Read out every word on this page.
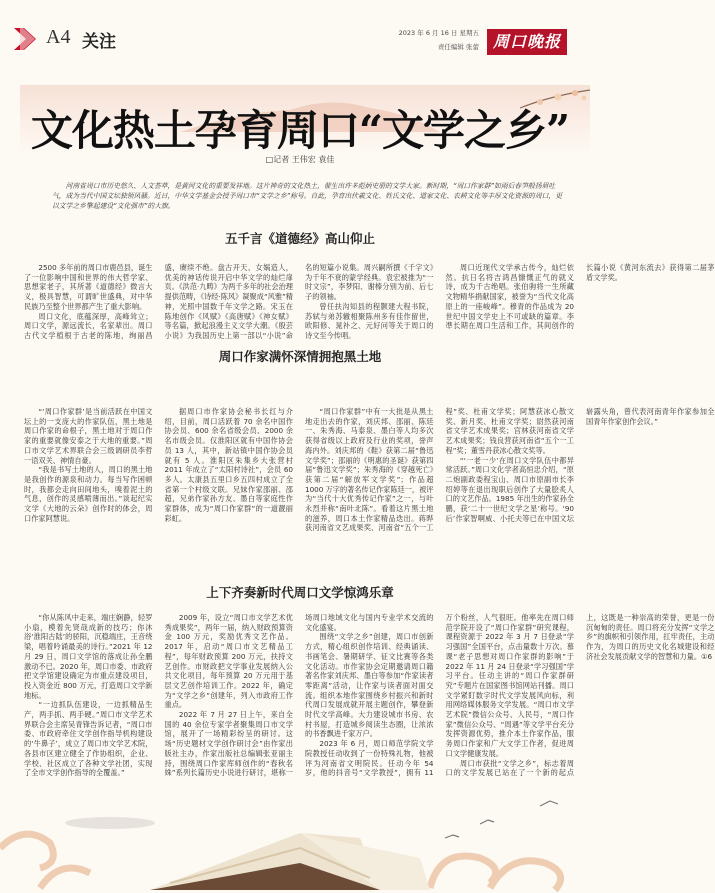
A4 关注	2023 年 6 月 16 日 星期五
责任编辑 张蕾 周口晚报
文化热土孕育周口“文学之乡”
□记者 王伟宏 袁佳
河南省周口市历史悠久、人文荟萃，是黄河文化的重要发祥地。这片神奇的文化热土，催生出许多彪炳史册的文学大家。新时期，“周口作家群”如雨后春笋般扬眉吐气，成为当代中国文坛独领风骚。近日，中华文学基金会授予周口市“文学之乡”称号。自此，孕育出伏羲文化、姓氏文化、道家文化、农耕文化等丰厚文化资源的周口，更以文学之乡擎起建设“文化强市”的大旗。
五千言《道德经》高山仰止

2500 多年前的周口市鹿邑县，诞生了一位影响中国和世界的伟大哲学家、思想家老子，其所著《道德经》微言大义，极具智慧，可谓旷世盛典，对中华民族乃至整个世界都产生了重大影响。

周口文化，底蕴深厚，高峰耸立；周口文学，源远流长，名家辈出。周口古代文学植根于古老的陈地，绚丽昌盛，赓续不绝。盘古开天、女娲造人，优美的神话传说开启中华文学的灿烂扉页。《洪范·九畴》为两千多年的社会治理提供范畴，《诗经·陈风》凝聚成“风雅”精神，光照中国数千年文学之路。宋玉在陈地创作《风赋》《高唐赋》《神女赋》等名篇，掀起浪漫主义文学大潮。《殷芸小说》为我国历史上第一部以“小说”命名的短篇小说集。周兴嗣所撰《千字文》为千年不衰的蒙学经典。袁宏被推为“一时文宗”，李梦阳、谢榛分别为前、后七子的领袖。

曾任扶沟知县的程颢建大程书院，苏轼与弟苏辙相聚陈州多有佳作留世，欧阳修、晁补之、元好问等关于周口的诗文至今传唱。

周口近现代文学承古传今，灿烂依然。抗日名将吉鸿昌慷慨正气的就义诗，成为千古绝唱。张伯驹将一生所藏文物精华捐献国家，被誉为“当代文化高原上的一座峻峰”。穆青的作品成为 20 世纪中国文学史上不可或缺的篇章。李凖长期在周口生活和工作，其间创作的长篇小说《黄河东流去》获得第二届茅盾文学奖。

周口作家满怀深情拥抱黑土地

“‘周口作家群’是当前活跃在中国文坛上的一支庞大的作家队伍，黑土地是周口作家的命根子，黑土地对于周口作家的重要就像安泰之于大地的重要。”周口市文学艺术界联合会三级调研员李哲一语双关、神情自豪。

“我是书写土地的人，周口的黑土地是我创作的源泉和动力。每当写作困顿时，我都会走向田间地头，嗅着泥土的气息，创作的灵感喷薄而出。”谈起纪实文学《大地的云朵》创作时的体会，周口作家阿慧说。

据周口市作家协会秘书长红与介绍，目前，周口活跃着 70 余名中国作协会员、600 余名省级会员、2000 余名市级会员。仅淮阳区就有中国作协会员 13 人，其中，新站镇中国作协会员就有 5 人。淮阳区朱集乡大张营村 2011 年成立了“太阳村诗社”，会员 60 多人。太康县五里口乡五四村成立了全省第一个村级文联。兄妹作家邵丽、邵超，兄弟作家孙方友、墨白等家庭性作家群体，成为“周口作家群”的一道靓丽彩虹。

“周口作家群”中有一大批是从黑土地走出去的作家，刘庆邦、邵丽、陈廷一、朱秀海、马泰泉、墨白等人均多次获得省级以上政府及行业的奖项，誉声海内外。刘庆邦的《鞋》获第二届“鲁迅文学奖”；邵丽的《明惠的圣诞》获第四届“鲁迅文学奖”；朱秀海的《穿越死亡》获第二届“解放军文学奖”；作品超 1000 万字的著名传记作家陈廷一，被评为“当代十大优秀传记作家”之一，与叶永烈并称“南叶北陈”。看着这片黑土地的滋养，周口本土作家精品迭出。蒋晔获河南省文艺成果奖、河南省“五个一工程”奖、杜甫文学奖；阿慧获冰心散文奖、新月奖、杜甫文学奖；尉然获河南省文学艺术成果奖；宫林获河南省文学艺术成果奖；钱良营获河南省“五个一工程”奖；董雪丹获冰心散文奖等。

“‘一老一少’在周口文学队伍中都异常活跃。”周口文化学者高恒忠介绍，“原二炮副政委程宝山、周口市原副市长李绍婷等在退出现职后创作了大量脍炙人口的文艺作品。1985 年出生的作家孙全鹏，获‘二十一世纪文学之星’称号。‘90 后’作家智啊威、小托夫等已在中国文坛崭露头角，曾代表河南青年作家参加全国青年作家创作会议。”

上下齐奏新时代周口文学惊鸿乐章

“你从陈风中走来，端庄娴静，轻罗小扇，模着先贤哉成新的技巧；你沐浴‘淮阳古陆’的骄阳，沉稳端庄，王音绕梁，唱着吟诵最美的诗行。”2021 年 12 月 29 日，周口文学馆的落成让孙全鹏激动不已。2020 年，周口市委、市政府把文学馆建设确定为市重点建设项目，投入资金近 800 万元，打造周口文学新地标。

“一边抓队伍建设，一边抓精品生产，两手抓、两手硬。”周口市文学艺术界联合会主席吴青锋告诉记者，“周口市委、市政府牵住文学创作指导机构建设的‘牛鼻子’，成立了周口市文学艺术院，各县市区建立健全了作协组织，企业、学校、社区成立了各种文学社团，实现了全市文学创作指导的全覆盖。”

2009 年，设立“周口市文学艺术优秀成果奖”，两年一届，纳入财政预算资金 100 万元，奖励优秀文艺作品。2017 年，启动“周口市文艺精品工程”，每年财政预算 200 万元，扶持文艺创作。市财政把文学事业发展纳入公共文化项目，每年预算 20 万元用于基层文艺创作培训工作。2022 年，确定为“文学之乡”创建年，列入市政府工作重点。

2022 年 7 月 27 日上午，来自全国的 40 余位专家学者聚集周口市文学馆，展开了一场精彩纷呈的研讨。这场“历史题材文学创作研讨会”由作家出版社主办，作家出版社总编辑张亚丽主持，围绕周口作家库师创作的“春秋名姝”系列长篇历史小说进行研讨，堪称一场周口地域文化与国内专业学术交流的文化盛宴。

围绕“文学之乡”创建，周口市创新方式，精心组织创作培训、经典诵读、书画笔会、暑期研学、征文比赛等各类文化活动。市作家协会定期邀请周口籍著名作家刘庆邦、墨白等参加“作家读者零距离”活动，让作家与读者面对面交流。组织本地作家围绕乡村振兴和新时代周口发展成就开展主题创作，攀登新时代文学高峰。大力建设城市书房、农村书屋，打造城乡阅读生态圈，让浓浓的书香飘进千家万户。

2023 年 6 月，周口师范学院文学院教授任动收到了一份特殊礼物，他被评为河南省文明院民。任动今年 54 岁，他的抖音号“文学教授”，拥有 11 万个粉丝，人气很旺。他率先在周口师范学院开设了“周口作家群”研究课程，课程资源于 2022 年 3 月 7 日登录“学习强国”全国平台，点击量数十万次。慕课“老子思想对周口作家群的影响”于 2022 年 11 月 24 日登录“学习强国”学习平台。任动主讲的“周口作家群研究”专题片在国家图书馆网站刊播。周口文学紧盯数字时代文学发展风向标，利用网络媒体服务文学发展。“周口市文学艺术院”微信公众号、人民号，“周口作家”微信公众号、“周遇”等文学平台充分发挥资源优势，推介本土作家作品，服务周口作家和广大文学工作者，促进周口文学健康发展。

周口市获批“文学之乡”，标志着周口的文学发展已站在了一个新的起点上，这既是一种崇高的荣誉，更是一份沉甸甸的责任。周口将充分发挥“文学之乡”的旗帜和引领作用，扛牢责任，主动作为，为周口的历史文化名城建设和经济社会发展贡献文学的智慧和力量。①6
